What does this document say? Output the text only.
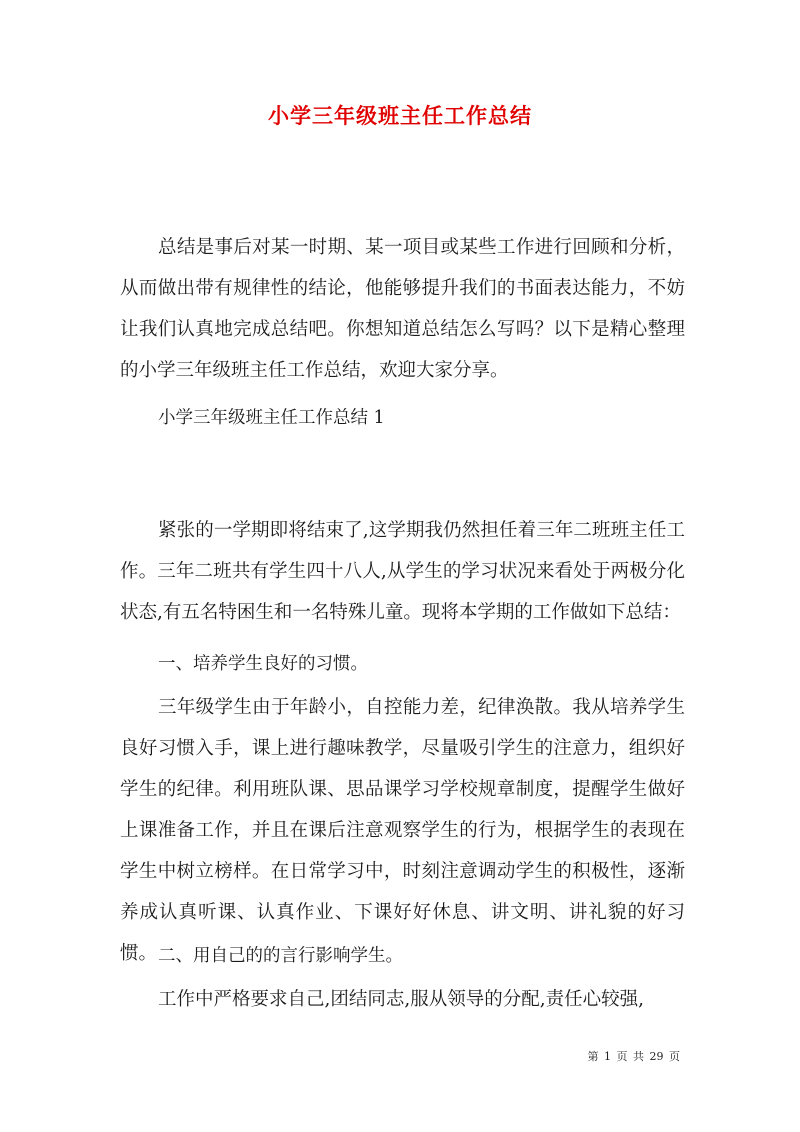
小学三年级班主任工作总结

总结是事后对某一时期、某一项目或某些工作进行回顾和分析，从而做出带有规律性的结论，他能够提升我们的书面表达能力，不妨让我们认真地完成总结吧。你想知道总结怎么写吗？以下是精心整理的小学三年级班主任工作总结，欢迎大家分享。

小学三年级班主任工作总结 1

紧张的一学期即将结束了,这学期我仍然担任着三年二班班主任工作。三年二班共有学生四十八人,从学生的学习状况来看处于两极分化状态,有五名特困生和一名特殊儿童。现将本学期的工作做如下总结：

一、培养学生良好的习惯。

三年级学生由于年龄小，自控能力差，纪律涣散。我从培养学生良好习惯入手，课上进行趣味教学，尽量吸引学生的注意力，组织好学生的纪律。利用班队课、思品课学习学校规章制度，提醒学生做好上课准备工作，并且在课后注意观察学生的行为，根据学生的表现在学生中树立榜样。在日常学习中，时刻注意调动学生的积极性，逐渐养成认真听课、认真作业、下课好好休息、讲文明、讲礼貌的好习惯。 二、用自己的的言行影响学生。

工作中严格要求自己,团结同志,服从领导的分配,责任心较强,

第 1 页 共 29 页
